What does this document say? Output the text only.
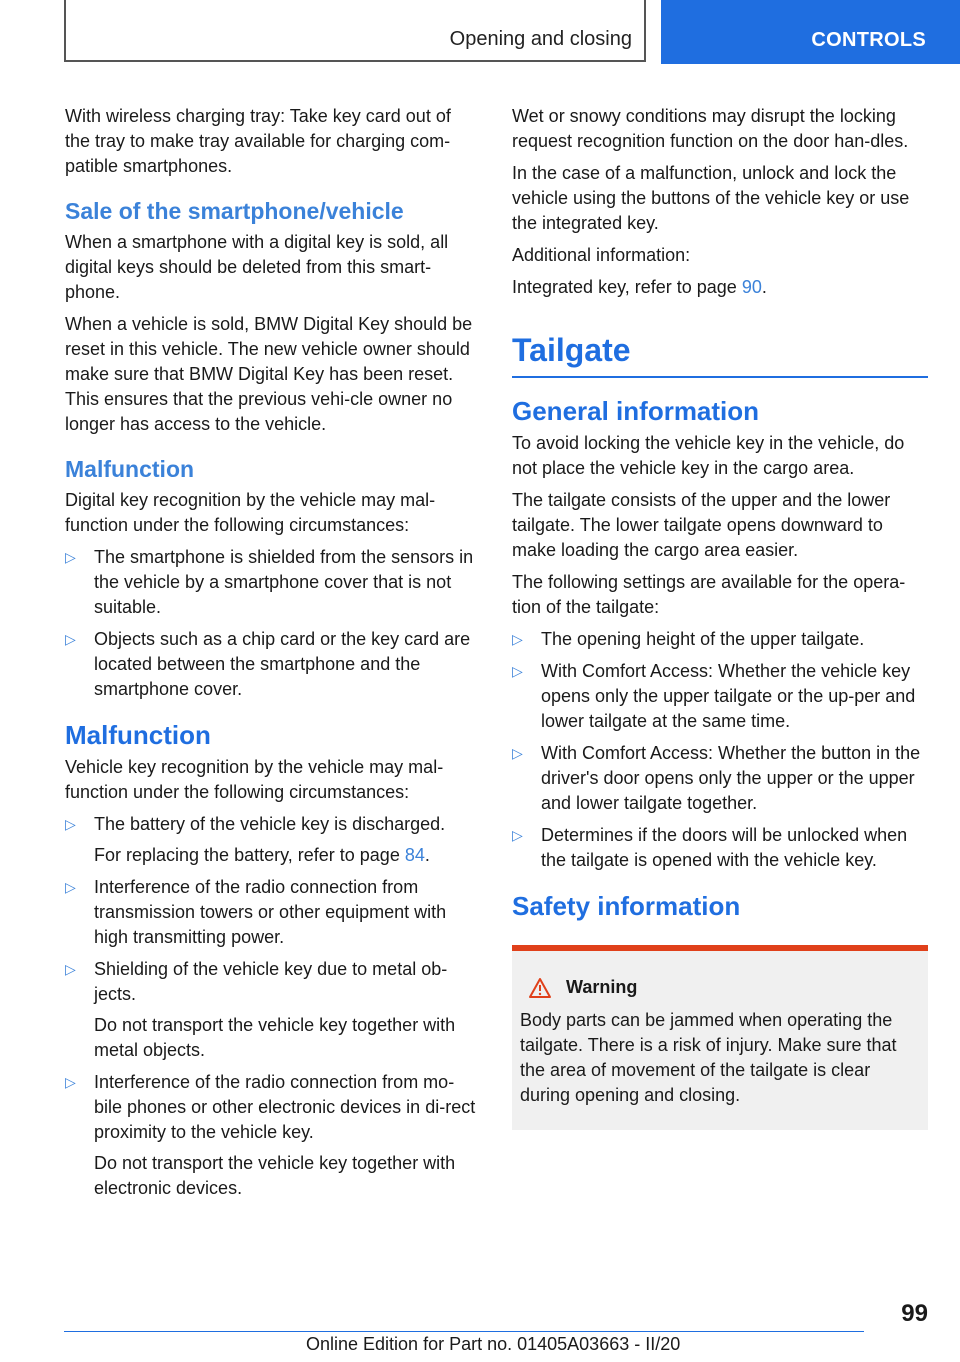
Opening and closing	CONTROLS

With wireless charging tray: Take key card out of the tray to make tray available for charging com-patible smartphones.

Sale of the smartphone/vehicle

When a smartphone with a digital key is sold, all digital keys should be deleted from this smart-phone.

When a vehicle is sold, BMW Digital Key should be reset in this vehicle. The new vehicle owner should make sure that BMW Digital Key has been reset. This ensures that the previous vehi-cle owner no longer has access to the vehicle.

Malfunction

Digital key recognition by the vehicle may mal-function under the following circumstances:

▷ The smartphone is shielded from the sensors in the vehicle by a smartphone cover that is not suitable.
▷ Objects such as a chip card or the key card are located between the smartphone and the smartphone cover.
Malfunction

Vehicle key recognition by the vehicle may mal-function under the following circumstances:

▷ The battery of the vehicle key is discharged.
For replacing the battery, refer to page 84.
▷ Interference of the radio connection from transmission towers or other equipment with high transmitting power.
▷ Shielding of the vehicle key due to metal ob-jects.
Do not transport the vehicle key together with metal objects.
▷ Interference of the radio connection from mo-bile phones or other electronic devices in di-rect proximity to the vehicle key.
Do not transport the vehicle key together with electronic devices.

Wet or snowy conditions may disrupt the locking request recognition function on the door han-dles.

In the case of a malfunction, unlock and lock the vehicle using the buttons of the vehicle key or use the integrated key.

Additional information:

Integrated key, refer to page 90.

Tailgate
General information

To avoid locking the vehicle key in the vehicle, do not place the vehicle key in the cargo area.

The tailgate consists of the upper and the lower tailgate. The lower tailgate opens downward to make loading the cargo area easier.

The following settings are available for the opera-tion of the tailgate:

▷ The opening height of the upper tailgate.
▷ With Comfort Access: Whether the vehicle key opens only the upper tailgate or the up-per and lower tailgate at the same time.
▷ With Comfort Access: Whether the button in the driver's door opens only the upper or the upper and lower tailgate together.
▷ Determines if the doors will be unlocked when the tailgate is opened with the vehicle key.
Safety information
Warning

Body parts can be jammed when operating the tailgate. There is a risk of injury. Make sure that the area of movement of the tailgate is clear during opening and closing.

99
Online Edition for Part no. 01405A03663 - II/20
